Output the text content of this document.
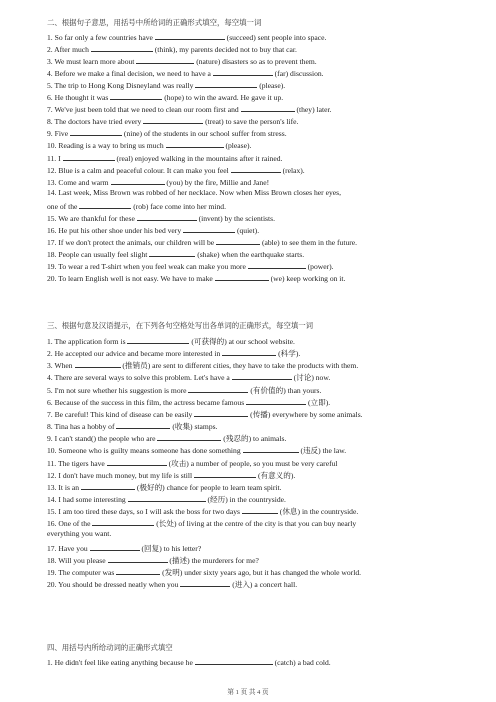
二、根据句子意思，用括号中所给词的正确形式填空，每空填一词
1. So far only a few countries have	(succeed) sent people into space.
2. After much	(think), my parents decided not to buy that car.
3. We must learn more about	(nature) disasters so as to prevent them.
4. Before we make a final decision, we need to have a	(far) discussion.
5. The trip to Hong Kong Disneyland was really	(please).
6. He thought it was	(hope) to win the award. He gave it up.
7. We've just been told that we need to clean our room first and	(they) later.
8. The doctors have tried every	(treat) to save the person's life.
9. Five	(nine) of the students in our school suffer from stress.
10. Reading is a way to bring us much	(please).
11. I	(real) enjoyed walking in the mountains after it rained.
12. Blue is a calm and peaceful colour. It can make you feel	(relax).
13. Come and warm	(you) by the fire, Millie and Jane!
14. Last week, Miss Brown was robbed of her necklace. Now when Miss Brown closes her eyes,
one of the	(rob) face come into her mind.
15. We are thankful for these	(invent) by the scientists.
16. He put his other shoe under his bed very	(quiet).
17. If we don't protect the animals, our children will be	(able) to see them in the future.
18. People can usually feel slight	(shake) when the earthquake starts.
19. To wear a red T-shirt when you feel weak can make you more	(power).
20. To learn English well is not easy. We have to make	(we) keep working on it.
三、根据句意及汉语提示，在下列各句空格处写出各单词的正确形式，每空填一词
1. The application form is	(可获得的) at our school website.
2. He accepted our advice and became more interested in	(科学).
3. When	(推销员) are sent to different cities, they have to take the products with them.
4. There are several ways to solve this problem. Let's have a	(讨论) now.
5. I'm not sure whether his suggestion is more	(有价值的) than yours.
6. Because of the success in this film, the actress became famous	(立即).
7. Be careful! This kind of disease can be easily	(传播) everywhere by some animals.
8. Tina has a hobby of	(收集) stamps.
9. I can't stand() the people who are	(残忍的) to animals.
10. Someone who is guilty means someone has done something	(违反) the law.
11. The tigers have	(攻击) a number of people, so you must be very careful
12. I don't have much money, but my life is still	(有意义的).
13. It is an	(极好的) chance for people to learn team spirit.
14. I had some interesting	(经历) in the countryside.
15. I am too tired these days, so I will ask the boss for two days	(休息) in the countryside.
16. One of the	(长处) of living at the centre of the city is that you can buy nearly
everything you want.
17. Have you	(回复) to his letter?
18. Will you please	(描述) the murderers for me?
19. The computer was	(发明) under sixty years ago, but it has changed the whole world.
20. You should be dressed neatly when you	(进入) a concert hall.
四、用括号内所给动词的正确形式填空
1. He didn't feel like eating anything because he	(catch) a bad cold.
第 1 页 共 4 页
